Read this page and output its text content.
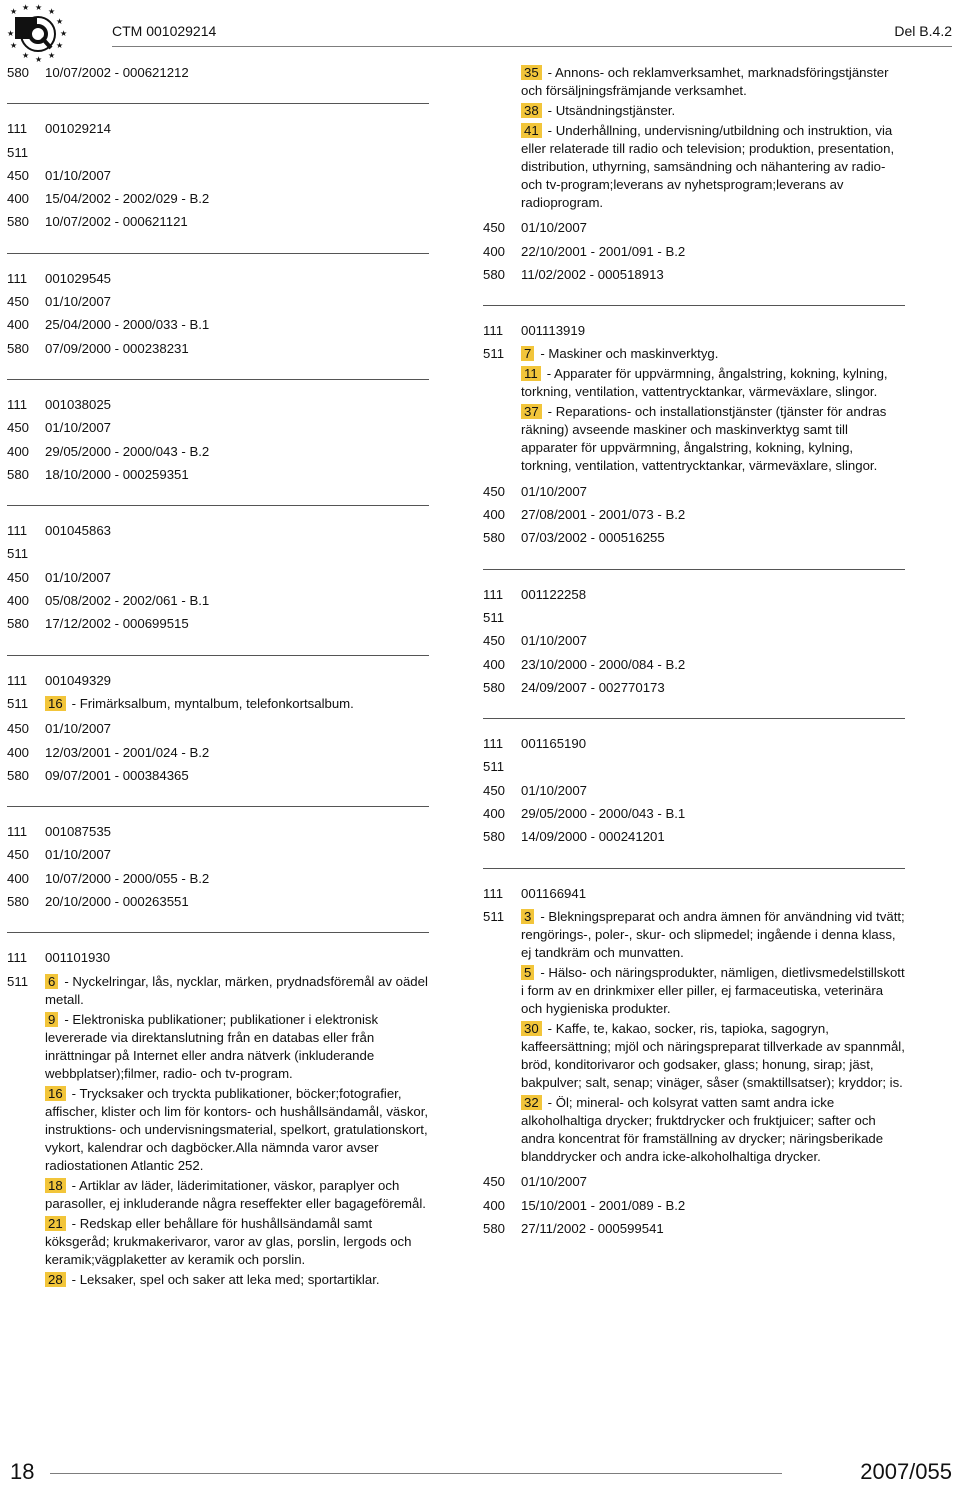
★ ★
★
★
★
★
★
★
★
★
★ ★
CTM 001029214	Del B.4.2
580	10/07/2002 - 000621212
111	001029214
511
450	01/10/2007
400	15/04/2002 - 2002/029 - B.2
580	10/07/2002 - 000621121
111	001029545
450	01/10/2007
400	25/04/2000 - 2000/033 - B.1
580	07/09/2000 - 000238231
111	001038025
450	01/10/2007
400	29/05/2000 - 2000/043 - B.2
580	18/10/2000 - 000259351
111	001045863
511
450	01/10/2007
400	05/08/2002 - 2002/061 - B.1
580	17/12/2002 - 000699515
111	001049329
511	16 - Frimärksalbum, myntalbum, telefonkortsalbum.
450	01/10/2007
400	12/03/2001 - 2001/024 - B.2
580	09/07/2001 - 000384365
111	001087535
450	01/10/2007
400	10/07/2000 - 2000/055 - B.2
580	20/10/2000 - 000263551
111	001101930
511	6 - Nyckelringar, lås, nycklar, märken, prydnadsföremål av oädel metall.
9 - Elektroniska publikationer; publikationer i elektronisk levererade via direktanslutning från en databas eller från inrättningar på Internet eller andra nätverk (inkluderande webbplatser);filmer, radio- och tv-program.
16 - Trycksaker och tryckta publikationer, böcker;fotografier, affischer, klister och lim för kontors- och hushållsändamål, väskor, instruktions- och undervisningsmaterial, spelkort, gratulationskort, vykort, kalendrar och dagböcker.Alla nämnda varor avser radiostationen Atlantic 252.
18 - Artiklar av läder, läderimitationer, väskor, paraplyer och parasoller, ej inkluderande några reseffekter eller bagageföremål.
21 - Redskap eller behållare för hushållsändamål samt köksgeråd; krukmakerivaror, varor av glas, porslin, lergods och keramik;vägplaketter av keramik och porslin.
28 - Leksaker, spel och saker att leka med; sportartiklar.
35 - Annons- och reklamverksamhet, marknadsföringstjänster och försäljningsfrämjande verksamhet.
38 - Utsändningstjänster.
41 - Underhållning, undervisning/utbildning och instruktion, via eller relaterade till radio och television; produktion, presentation, distribution, uthyrning, samsändning och nähantering av radio- och tv-program;leverans av nyhetsprogram;leverans av radioprogram.
450	01/10/2007
400	22/10/2001 - 2001/091 - B.2
580	11/02/2002 - 000518913
111	001113919
511	7 - Maskiner och maskinverktyg.
11 - Apparater för uppvärmning, ångalstring, kokning, kylning, torkning, ventilation, vattentrycktankar, värmeväxlare, slingor.
37 - Reparations- och installationstjänster (tjänster för andras räkning) avseende maskiner och maskinverktyg samt till apparater för uppvärmning, ångalstring, kokning, kylning, torkning, ventilation, vattentrycktankar, värmeväxlare, slingor.
450	01/10/2007
400	27/08/2001 - 2001/073 - B.2
580	07/03/2002 - 000516255
111	001122258
511
450	01/10/2007
400	23/10/2000 - 2000/084 - B.2
580	24/09/2007 - 002770173
111	001165190
511
450	01/10/2007
400	29/05/2000 - 2000/043 - B.1
580	14/09/2000 - 000241201
111	001166941
511	3 - Blekningspreparat och andra ämnen för användning vid tvätt; rengörings-, poler-, skur- och slipmedel; ingående i denna klass, ej tandkräm och munvatten.
5 - Hälso- och näringsprodukter, nämligen, dietlivsmedelstillskott i form av en drinkmixer eller piller, ej farmaceutiska, veterinära och hygieniska produkter.
30 - Kaffe, te, kakao, socker, ris, tapioka, sagogryn, kaffeersättning; mjöl och näringspreparat tillverkade av spannmål, bröd, konditorivaror och godsaker, glass; honung, sirap; jäst, bakpulver; salt, senap; vinäger, såser (smaktillsatser); kryddor; is.
32 - Öl; mineral- och kolsyrat vatten samt andra icke alkoholhaltiga drycker; fruktdrycker och fruktjuicer; safter och andra koncentrat för framställning av drycker; näringsberikade blanddrycker och andra icke-alkoholhaltiga drycker.
450	01/10/2007
400	15/10/2001 - 2001/089 - B.2
580	27/11/2002 - 000599541
18	2007/055
